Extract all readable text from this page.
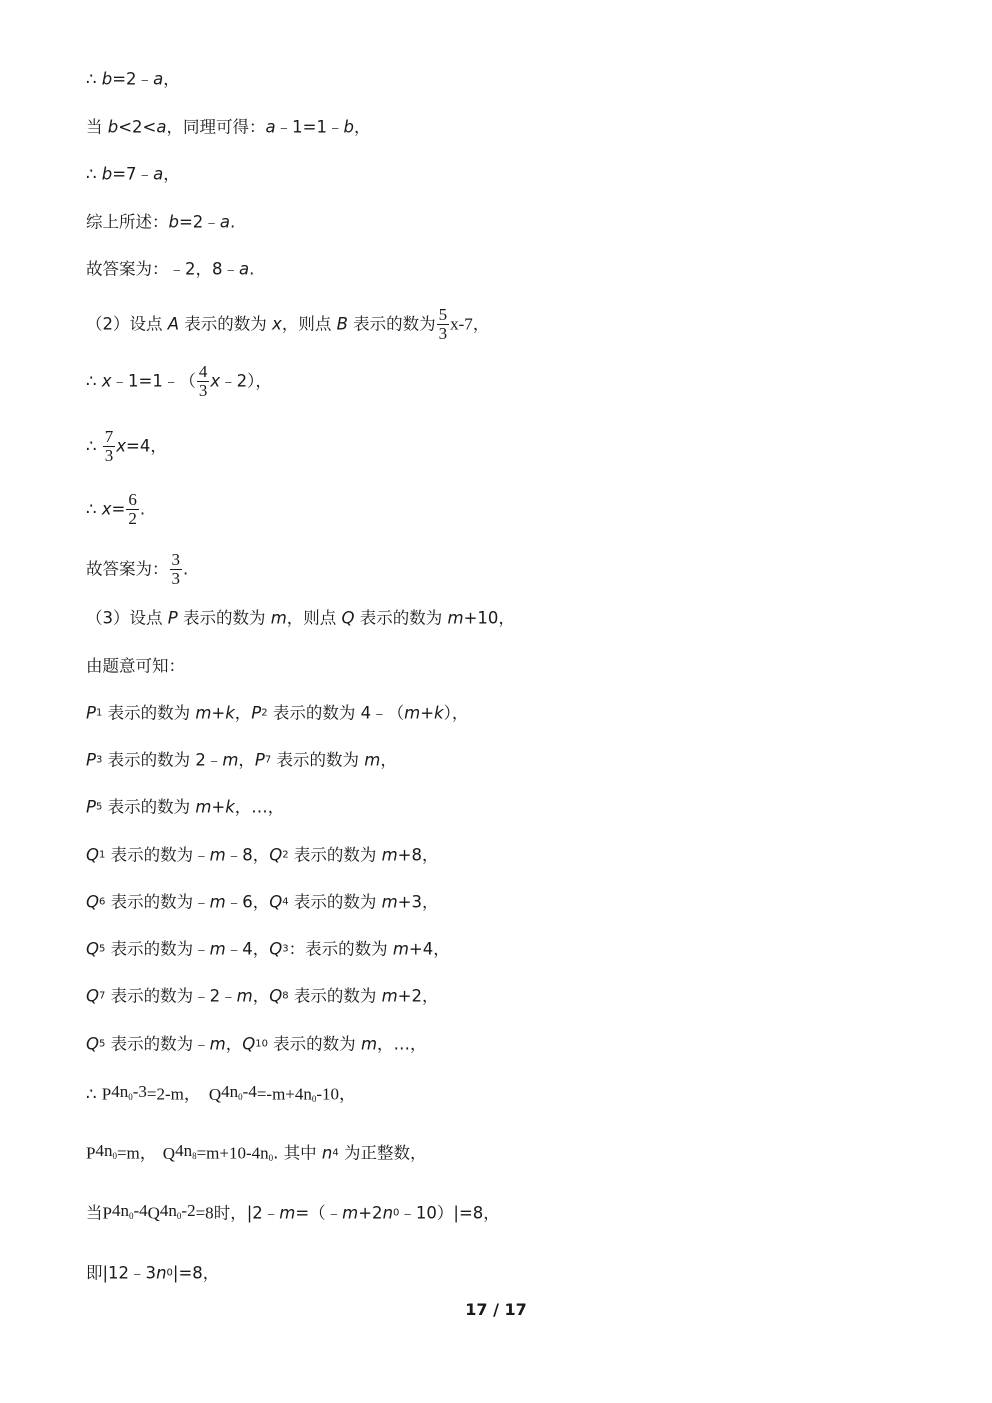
∴ b=2﹣a，
当 b<2<a，同理可得：a﹣1=1﹣b，
∴ b=7﹣a，
综上所述：b=2﹣a.
故答案为：﹣2，8﹣a.
（2）设点 A 表示的数为 x，则点 B 表示的数为 $\frac{5}{3} x-7$，
∴ x﹣1=1﹣（ $\frac{4}{3}$ x﹣2），
∴ $\frac{7}{3} x=4$，
∴ $x= \frac{6}{2}$ .
故答案为： $\frac{3}{3}$ .
（3）设点 P 表示的数为 m，则点 Q 表示的数为 m+10，
由题意可知：
P1 表示的数为 m+k，P2 表示的数为 4﹣（m+k），
P3 表示的数为 2﹣m，P7 表示的数为 m，
P5 表示的数为 m+k，…，
Q1 表示的数为﹣m﹣8，Q2 表示的数为 m+8，
Q6 表示的数为﹣m﹣6，Q4 表示的数为 m+3，
Q5 表示的数为﹣m﹣4，Q3：表示的数为 m+4，
Q7 表示的数为﹣2﹣m，Q8 表示的数为 m+2，
Q5 表示的数为﹣m，Q10 表示的数为 m，…，
∴ $P4n_0-3=2-m$， $Q4n_0-4=-m+4n_0-10$，
$P4n_0=m$， $Q4n_8=m+10-4n_0$. 其中 n4 为正整数，
当$P4n_0-4Q4n_0-2=8$时，|2﹣m=（﹣m+2n0﹣10）|=8，
即|12﹣3n0|=8，
17 / 17
